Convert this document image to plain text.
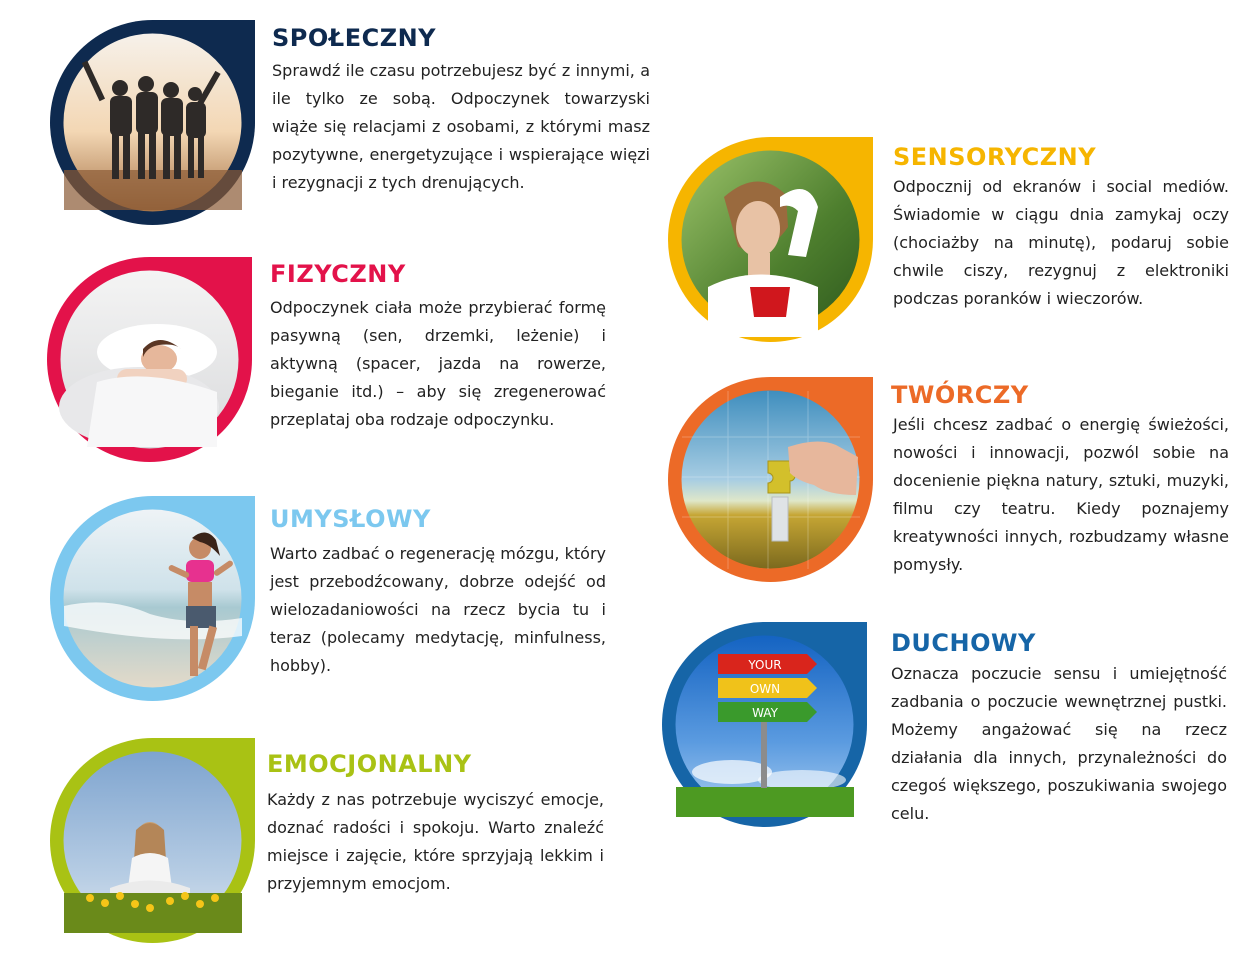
SPOŁECZNY

Sprawdź ile czasu potrzebujesz być z innymi, a ile tylko ze sobą. Odpoczynek towarzyski wiąże się relacjami z osobami, z którymi masz pozytywne, energetyzujące i wspierające więzi i rezygnacji z tych drenujących.

FIZYCZNY

Odpoczynek ciała może przybierać formę pasywną (sen, drzemki, leżenie) i aktywną (spacer, jazda na rowerze, bieganie itd.) – aby się zregenerować przeplataj oba rodzaje odpoczynku.

UMYSŁOWY

Warto zadbać o regenerację mózgu, który jest przebodźcowany, dobrze odejść od wielozadaniowości na rzecz bycia tu i teraz (polecamy medytację, minfulness, hobby).

EMOCJONALNY

Każdy z nas potrzebuje wyciszyć emocje, doznać radości i spokoju. Warto znaleźć miejsce i zajęcie, które sprzyjają lekkim i przyjemnym emocjom.

SENSORYCZNY

Odpocznij od ekranów i social mediów. Świadomie w ciągu dnia zamykaj oczy (chociażby na minutę), podaruj sobie chwile ciszy, rezygnuj z elektroniki podczas poranków i wieczorów.

TWÓRCZY

Jeśli chcesz zadbać o energię świeżości, nowości i innowacji, pozwól sobie na docenienie piękna natury, sztuki, muzyki, filmu czy teatru. Kiedy poznajemy kreatywności innych, rozbudzamy własne pomysły.

YOUR
OWN
WAY
DUCHOWY

Oznacza poczucie sensu i umiejętność zadbania o poczucie wewnętrznej pustki. Możemy angażować się na rzecz działania dla innych, przynależności do czegoś większego, poszukiwania swojego celu.
